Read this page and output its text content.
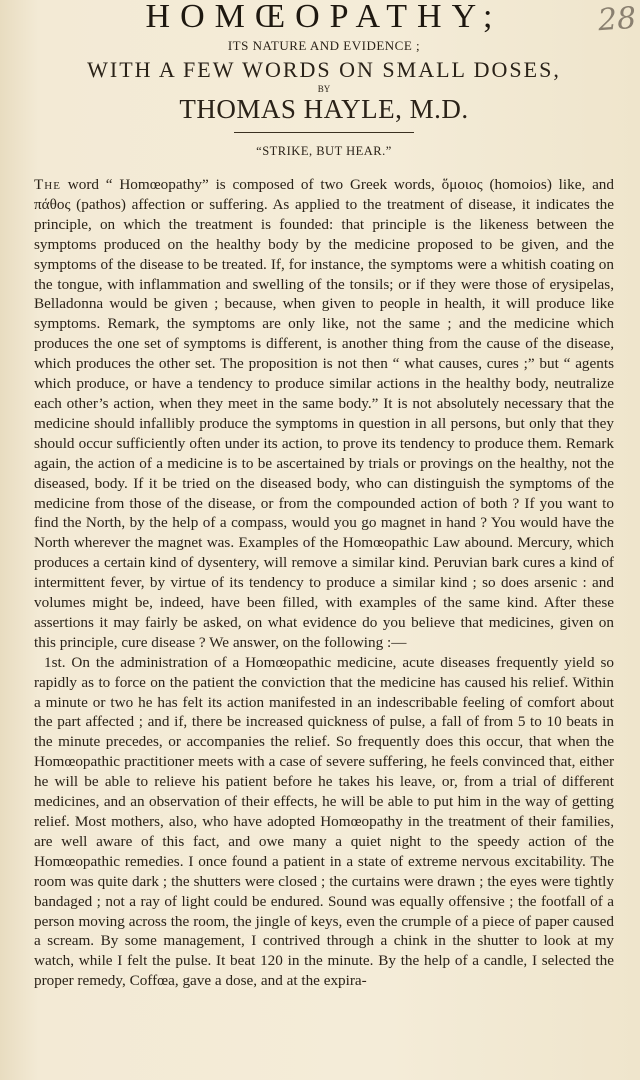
28
HOMŒOPATHY;
ITS NATURE AND EVIDENCE ;
WITH A FEW WORDS ON SMALL DOSES,
BY
THOMAS HAYLE, M.D.
“STRIKE, BUT HEAR.”

The word “ Homœopathy” is composed of two Greek words, ὅμοιος (homoios) like, and πάθος (pathos) affection or suffering. As applied to the treatment of disease, it indicates the principle, on which the treatment is founded: that principle is the likeness between the symptoms produced on the healthy body by the medicine proposed to be given, and the symptoms of the disease to be treated. If, for instance, the symptoms were a whitish coating on the tongue, with inflammation and swelling of the tonsils; or if they were those of erysipelas, Belladonna would be given ; because, when given to people in health, it will produce like symptoms. Remark, the symptoms are only like, not the same ; and the medicine which produces the one set of symptoms is different, is another thing from the cause of the disease, which produces the other set. The proposition is not then “ what causes, cures ;” but “ agents which produce, or have a tendency to produce similar actions in the healthy body, neutralize each other’s action, when they meet in the same body.” It is not absolutely necessary that the medicine should infallibly produce the symptoms in question in all persons, but only that they should occur sufficiently often under its action, to prove its tendency to produce them. Remark again, the action of a medicine is to be ascertained by trials or provings on the healthy, not the diseased, body. If it be tried on the diseased body, who can distinguish the symptoms of the medicine from those of the disease, or from the compounded action of both ? If you want to find the North, by the help of a compass, would you go magnet in hand ? You would have the North wherever the magnet was. Examples of the Homœopathic Law abound. Mercury, which produces a certain kind of dysentery, will remove a similar kind. Peruvian bark cures a kind of intermittent fever, by virtue of its tendency to produce a similar kind ; so does arsenic : and volumes might be, indeed, have been filled, with examples of the same kind. After these assertions it may fairly be asked, on what evidence do you believe that medicines, given on this principle, cure disease ? We answer, on the following :—

1st. On the administration of a Homœopathic medicine, acute diseases frequently yield so rapidly as to force on the patient the conviction that the medicine has caused his relief. Within a minute or two he has felt its action manifested in an indescribable feeling of comfort about the part affected ; and if, there be increased quickness of pulse, a fall of from 5 to 10 beats in the minute precedes, or accompanies the relief. So frequently does this occur, that when the Homœopathic practitioner meets with a case of severe suffering, he feels convinced that, either he will be able to relieve his patient before he takes his leave, or, from a trial of different medicines, and an observation of their effects, he will be able to put him in the way of getting relief. Most mothers, also, who have adopted Homœopathy in the treatment of their families, are well aware of this fact, and owe many a quiet night to the speedy action of the Homœopathic remedies. I once found a patient in a state of extreme nervous excitability. The room was quite dark ; the shutters were closed ; the curtains were drawn ; the eyes were tightly bandaged ; not a ray of light could be endured. Sound was equally offensive ; the footfall of a person moving across the room, the jingle of keys, even the crumple of a piece of paper caused a scream. By some management, I contrived through a chink in the shutter to look at my watch, while I felt the pulse. It beat 120 in the minute. By the help of a candle, I selected the proper remedy, Coffœa, gave a dose, and at the expira-
